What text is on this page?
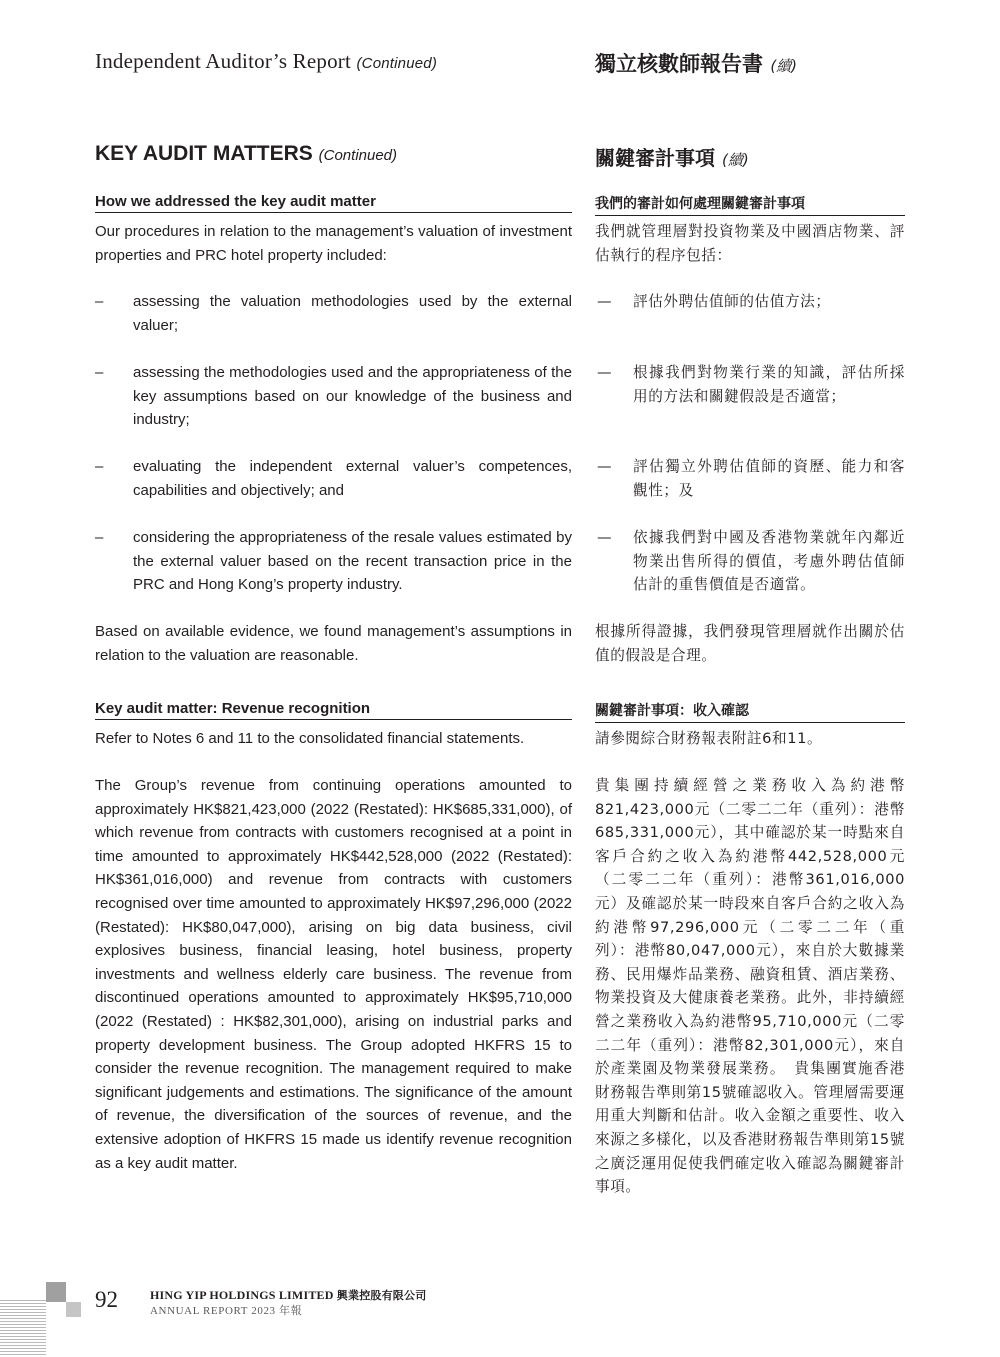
Independent Auditor’s Report (Continued)	獨立核數師報告書 (續)
KEY AUDIT MATTERS (Continued)	關鍵審計事項 (續)
How we addressed the key audit matter	我們的審計如何處理關鍵審計事項
Our procedures in relation to the management’s valuation of investment properties and PRC hotel property included:
我們就管理層對投資物業及中國酒店物業、評估執行的程序包括：
– assessing the valuation methodologies used by the external valuer;
— 評估外聘估值師的估值方法；
– assessing the methodologies used and the appropriateness of the key assumptions based on our knowledge of the business and industry;
— 根據我們對物業行業的知識，評估所採用的方法和關鍵假設是否適當；
– evaluating the independent external valuer’s competences, capabilities and objectively; and
— 評估獨立外聘估值師的資歷、能力和客觀性；及
– considering the appropriateness of the resale values estimated by the external valuer based on the recent transaction price in the PRC and Hong Kong’s property industry.
— 依據我們對中國及香港物業就年內鄰近物業出售所得的價值，考慮外聘估值師估計的重售價值是否適當。
Based on available evidence, we found management’s assumptions in relation to the valuation are reasonable.
根據所得證據，我們發現管理層就作出關於估值的假設是合理。
Key audit matter: Revenue recognition	關鍵審計事項：收入確認
Refer to Notes 6 and 11 to the consolidated financial statements.	請參閱綜合財務報表附註6和11。
The Group’s revenue from continuing operations amounted to approximately HK$821,423,000 (2022 (Restated): HK$685,331,000), of which revenue from contracts with customers recognised at a point in time amounted to approximately HK$442,528,000 (2022 (Restated): HK$361,016,000) and revenue from contracts with customers recognised over time amounted to approximately HK$97,296,000 (2022 (Restated): HK$80,047,000), arising on big data business, civil explosives business, financial leasing, hotel business, property investments and wellness elderly care business. The revenue from discontinued operations amounted to approximately HK$95,710,000 (2022 (Restated) : HK$82,301,000), arising on industrial parks and property development business. The Group adopted HKFRS 15 to consider the revenue recognition. The management required to make significant judgements and estimations. The significance of the amount of revenue, the diversification of the sources of revenue, and the extensive adoption of HKFRS 15 made us identify revenue recognition as a key audit matter.
貴集團持續經營之業務收入為約港幣821,423,000元（二零二二年（重列）：港幣685,331,000元），其中確認於某一時點來自客戶合約之收入為約港幣442,528,000元（二零二二年（重列）：港幣361,016,000元）及確認於某一時段來自客戶合約之收入為約港幣97,296,000元（二零二二年（重列）：港幣80,047,000元），來自於大數據業務、民用爆炸品業務、融資租賃、酒店業務、物業投資及大健康養老業務。此外，非持續經營之業務收入為約港幣95,710,000元（二零二二年（重列）：港幣82,301,000元），來自於產業園及物業發展業務。　貴集團實施香港財務報告準則第15號確認收入。管理層需要運用重大判斷和估計。收入金額之重要性、收入來源之多樣化，以及香港財務報告準則第15號之廣泛運用促使我們確定收入確認為關鍵審計事項。
92	HING YIP HOLDINGS LIMITED 興業控股有限公司
ANNUAL REPORT 2023 年報
